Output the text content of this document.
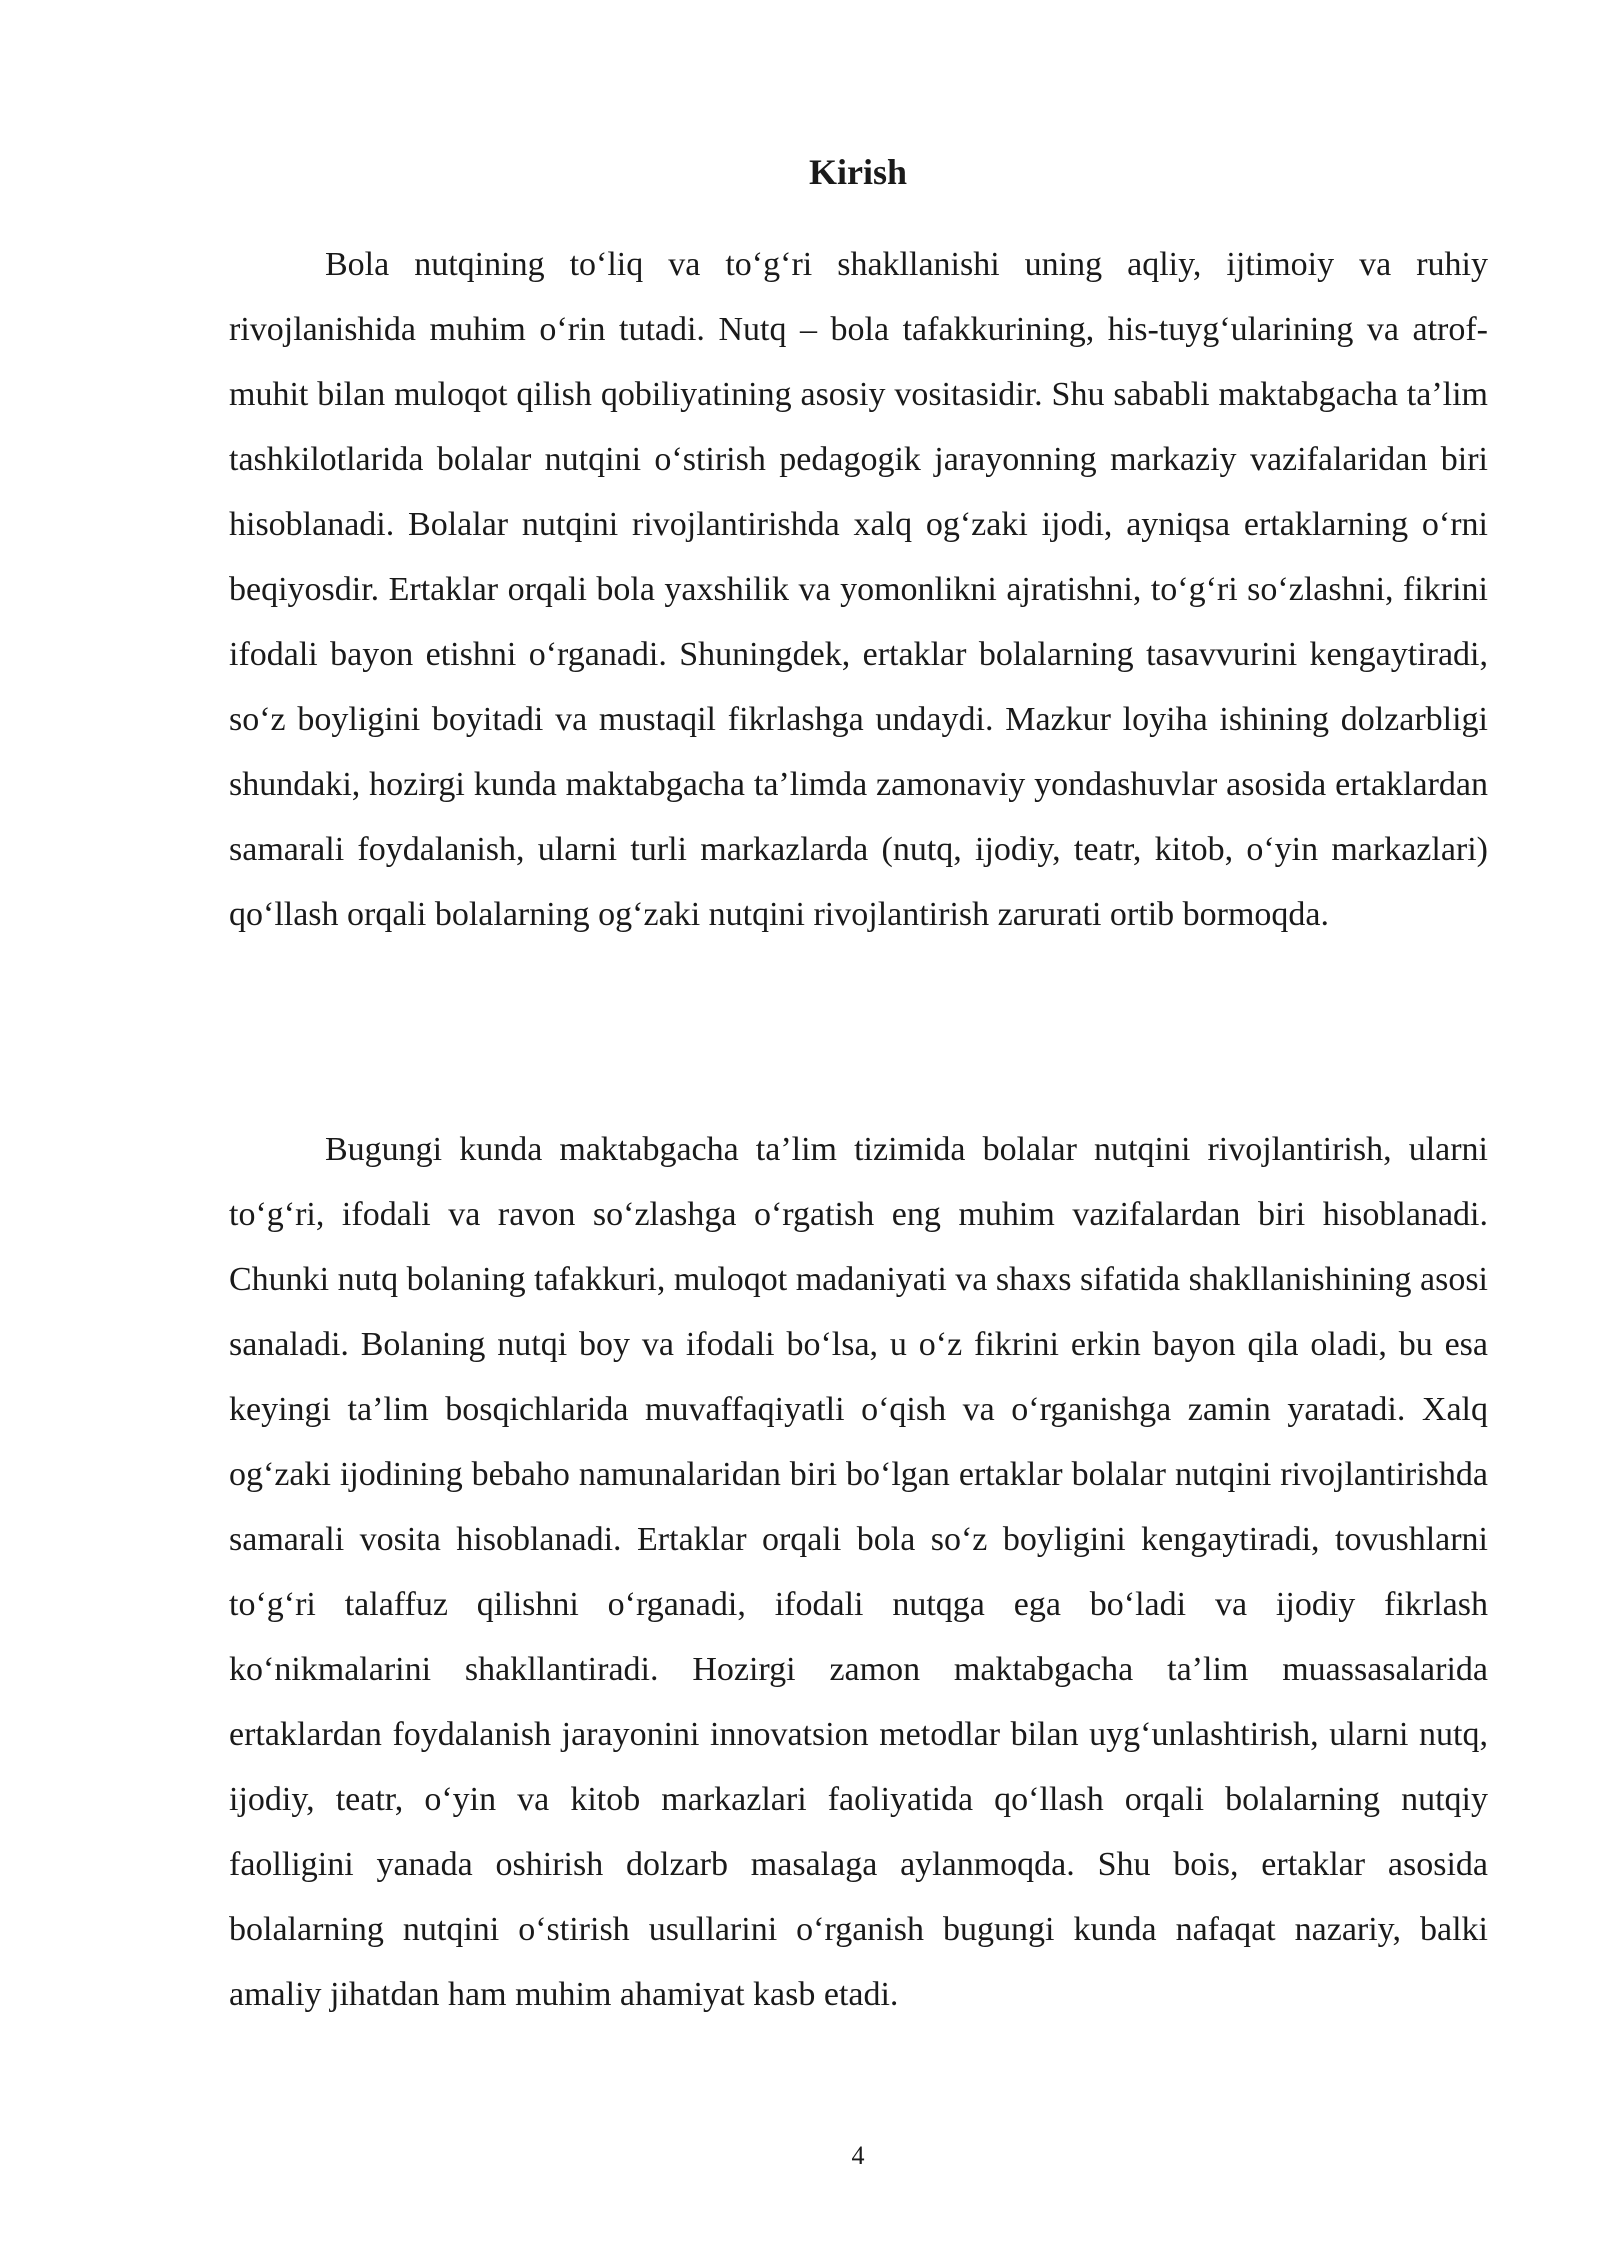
Kirish

Bola nutqining to‘liq va to‘g‘ri shakllanishi uning aqliy, ijtimoiy va ruhiy rivojlanishida muhim o‘rin tutadi. Nutq – bola tafakkurining, his-tuyg‘ularining va atrof-muhit bilan muloqot qilish qobiliyatining asosiy vositasidir. Shu sababli maktabgacha ta’lim tashkilotlarida bolalar nutqini o‘stirish pedagogik jarayonning markaziy vazifalaridan biri hisoblanadi. Bolalar nutqini rivojlantirishda xalq og‘zaki ijodi, ayniqsa ertaklarning o‘rni beqiyosdir. Ertaklar orqali bola yaxshilik va yomonlikni ajratishni, to‘g‘ri so‘zlashni, fikrini ifodali bayon etishni o‘rganadi. Shuningdek, ertaklar bolalarning tasavvurini kengaytiradi, so‘z boyligini boyitadi va mustaqil fikrlashga undaydi. Mazkur loyiha ishining dolzarbligi shundaki, hozirgi kunda maktabgacha ta’limda zamonaviy yondashuvlar asosida ertaklardan samarali foydalanish, ularni turli markazlarda (nutq, ijodiy, teatr, kitob, o‘yin markazlari) qo‘llash orqali bolalarning og‘zaki nutqini rivojlantirish zarurati ortib bormoqda.

Bugungi kunda maktabgacha ta’lim tizimida bolalar nutqini rivojlantirish, ularni to‘g‘ri, ifodali va ravon so‘zlashga o‘rgatish eng muhim vazifalardan biri hisoblanadi. Chunki nutq bolaning tafakkuri, muloqot madaniyati va shaxs sifatida shakllanishining asosi sanaladi. Bolaning nutqi boy va ifodali bo‘lsa, u o‘z fikrini erkin bayon qila oladi, bu esa keyingi ta’lim bosqichlarida muvaffaqiyatli o‘qish va o‘rganishga zamin yaratadi. Xalq og‘zaki ijodining bebaho namunalaridan biri bo‘lgan ertaklar bolalar nutqini rivojlantirishda samarali vosita hisoblanadi. Ertaklar orqali bola so‘z boyligini kengaytiradi, tovushlarni to‘g‘ri talaffuz qilishni o‘rganadi, ifodali nutqga ega bo‘ladi va ijodiy fikrlash ko‘nikmalarini shakllantiradi. Hozirgi zamon maktabgacha ta’lim muassasalarida ertaklardan foydalanish jarayonini innovatsion metodlar bilan uyg‘unlashtirish, ularni nutq, ijodiy, teatr, o‘yin va kitob markazlari faoliyatida qo‘llash orqali bolalarning nutqiy faolligini yanada oshirish dolzarb masalaga aylanmoqda. Shu bois, ertaklar asosida bolalarning nutqini o‘stirish usullarini o‘rganish bugungi kunda nafaqat nazariy, balki amaliy jihatdan ham muhim ahamiyat kasb etadi.

4
